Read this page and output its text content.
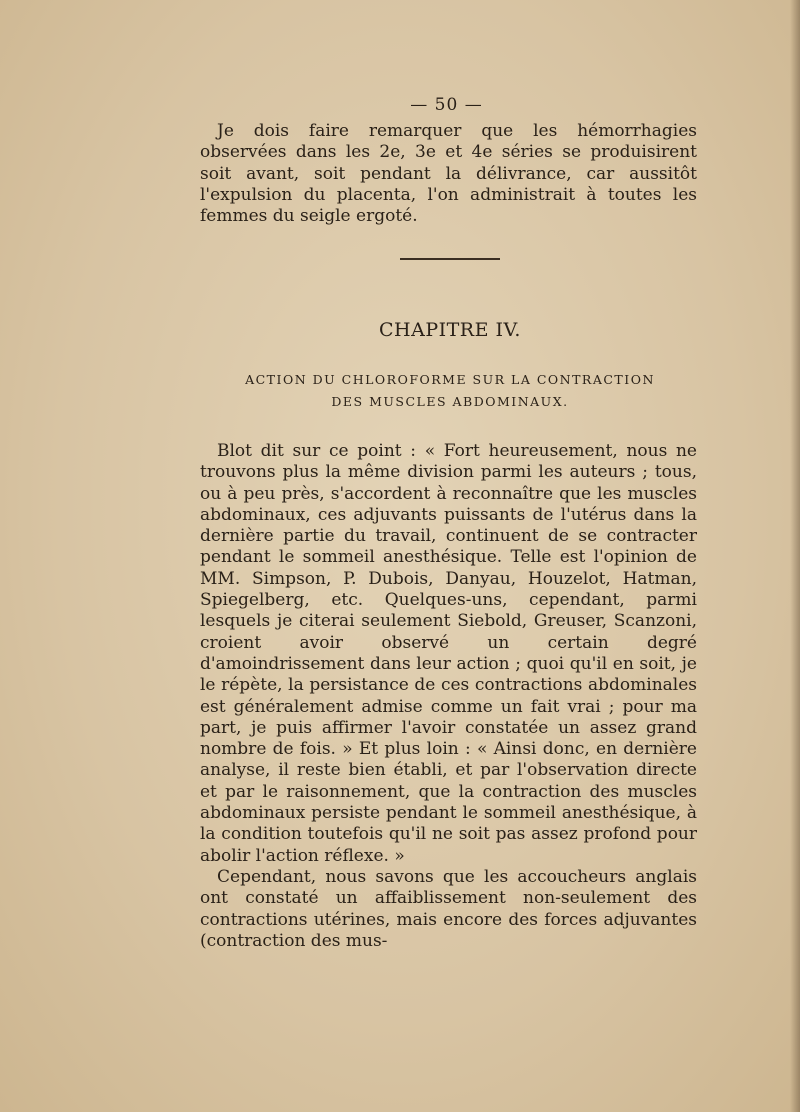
— 50 —

Je dois faire remarquer que les hémorrhagies observées dans les 2e, 3e et 4e séries se produisirent soit avant, soit pendant la délivrance, car aussitôt l'expulsion du placenta, l'on administrait à toutes les femmes du seigle ergoté.

CHAPITRE IV.
ACTION DU CHLOROFORME SUR LA CONTRACTION
DES MUSCLES ABDOMINAUX.

Blot dit sur ce point : « Fort heureusement, nous ne trouvons plus la même division parmi les auteurs ; tous, ou à peu près, s'accordent à reconnaître que les muscles abdominaux, ces adjuvants puissants de l'utérus dans la dernière partie du travail, continuent de se contracter pendant le sommeil anesthésique. Telle est l'opinion de MM. Simpson, P. Dubois, Danyau, Houzelot, Hatman, Spiegelberg, etc. Quelques-uns, cependant, parmi lesquels je citerai seulement Siebold, Greuser, Scanzoni, croient avoir observé un certain degré d'amoindrissement dans leur action ; quoi qu'il en soit, je le répète, la persistance de ces contractions abdominales est généralement admise comme un fait vrai ; pour ma part, je puis affirmer l'avoir constatée un assez grand nombre de fois. » Et plus loin : « Ainsi donc, en dernière analyse, il reste bien établi, et par l'observation directe et par le raisonnement, que la contraction des muscles abdominaux persiste pendant le sommeil anesthésique, à la condition toutefois qu'il ne soit pas assez profond pour abolir l'action réflexe. »

Cependant, nous savons que les accoucheurs anglais ont constaté un affaiblissement non-seulement des contractions utérines, mais encore des forces adjuvantes (contraction des mus-
